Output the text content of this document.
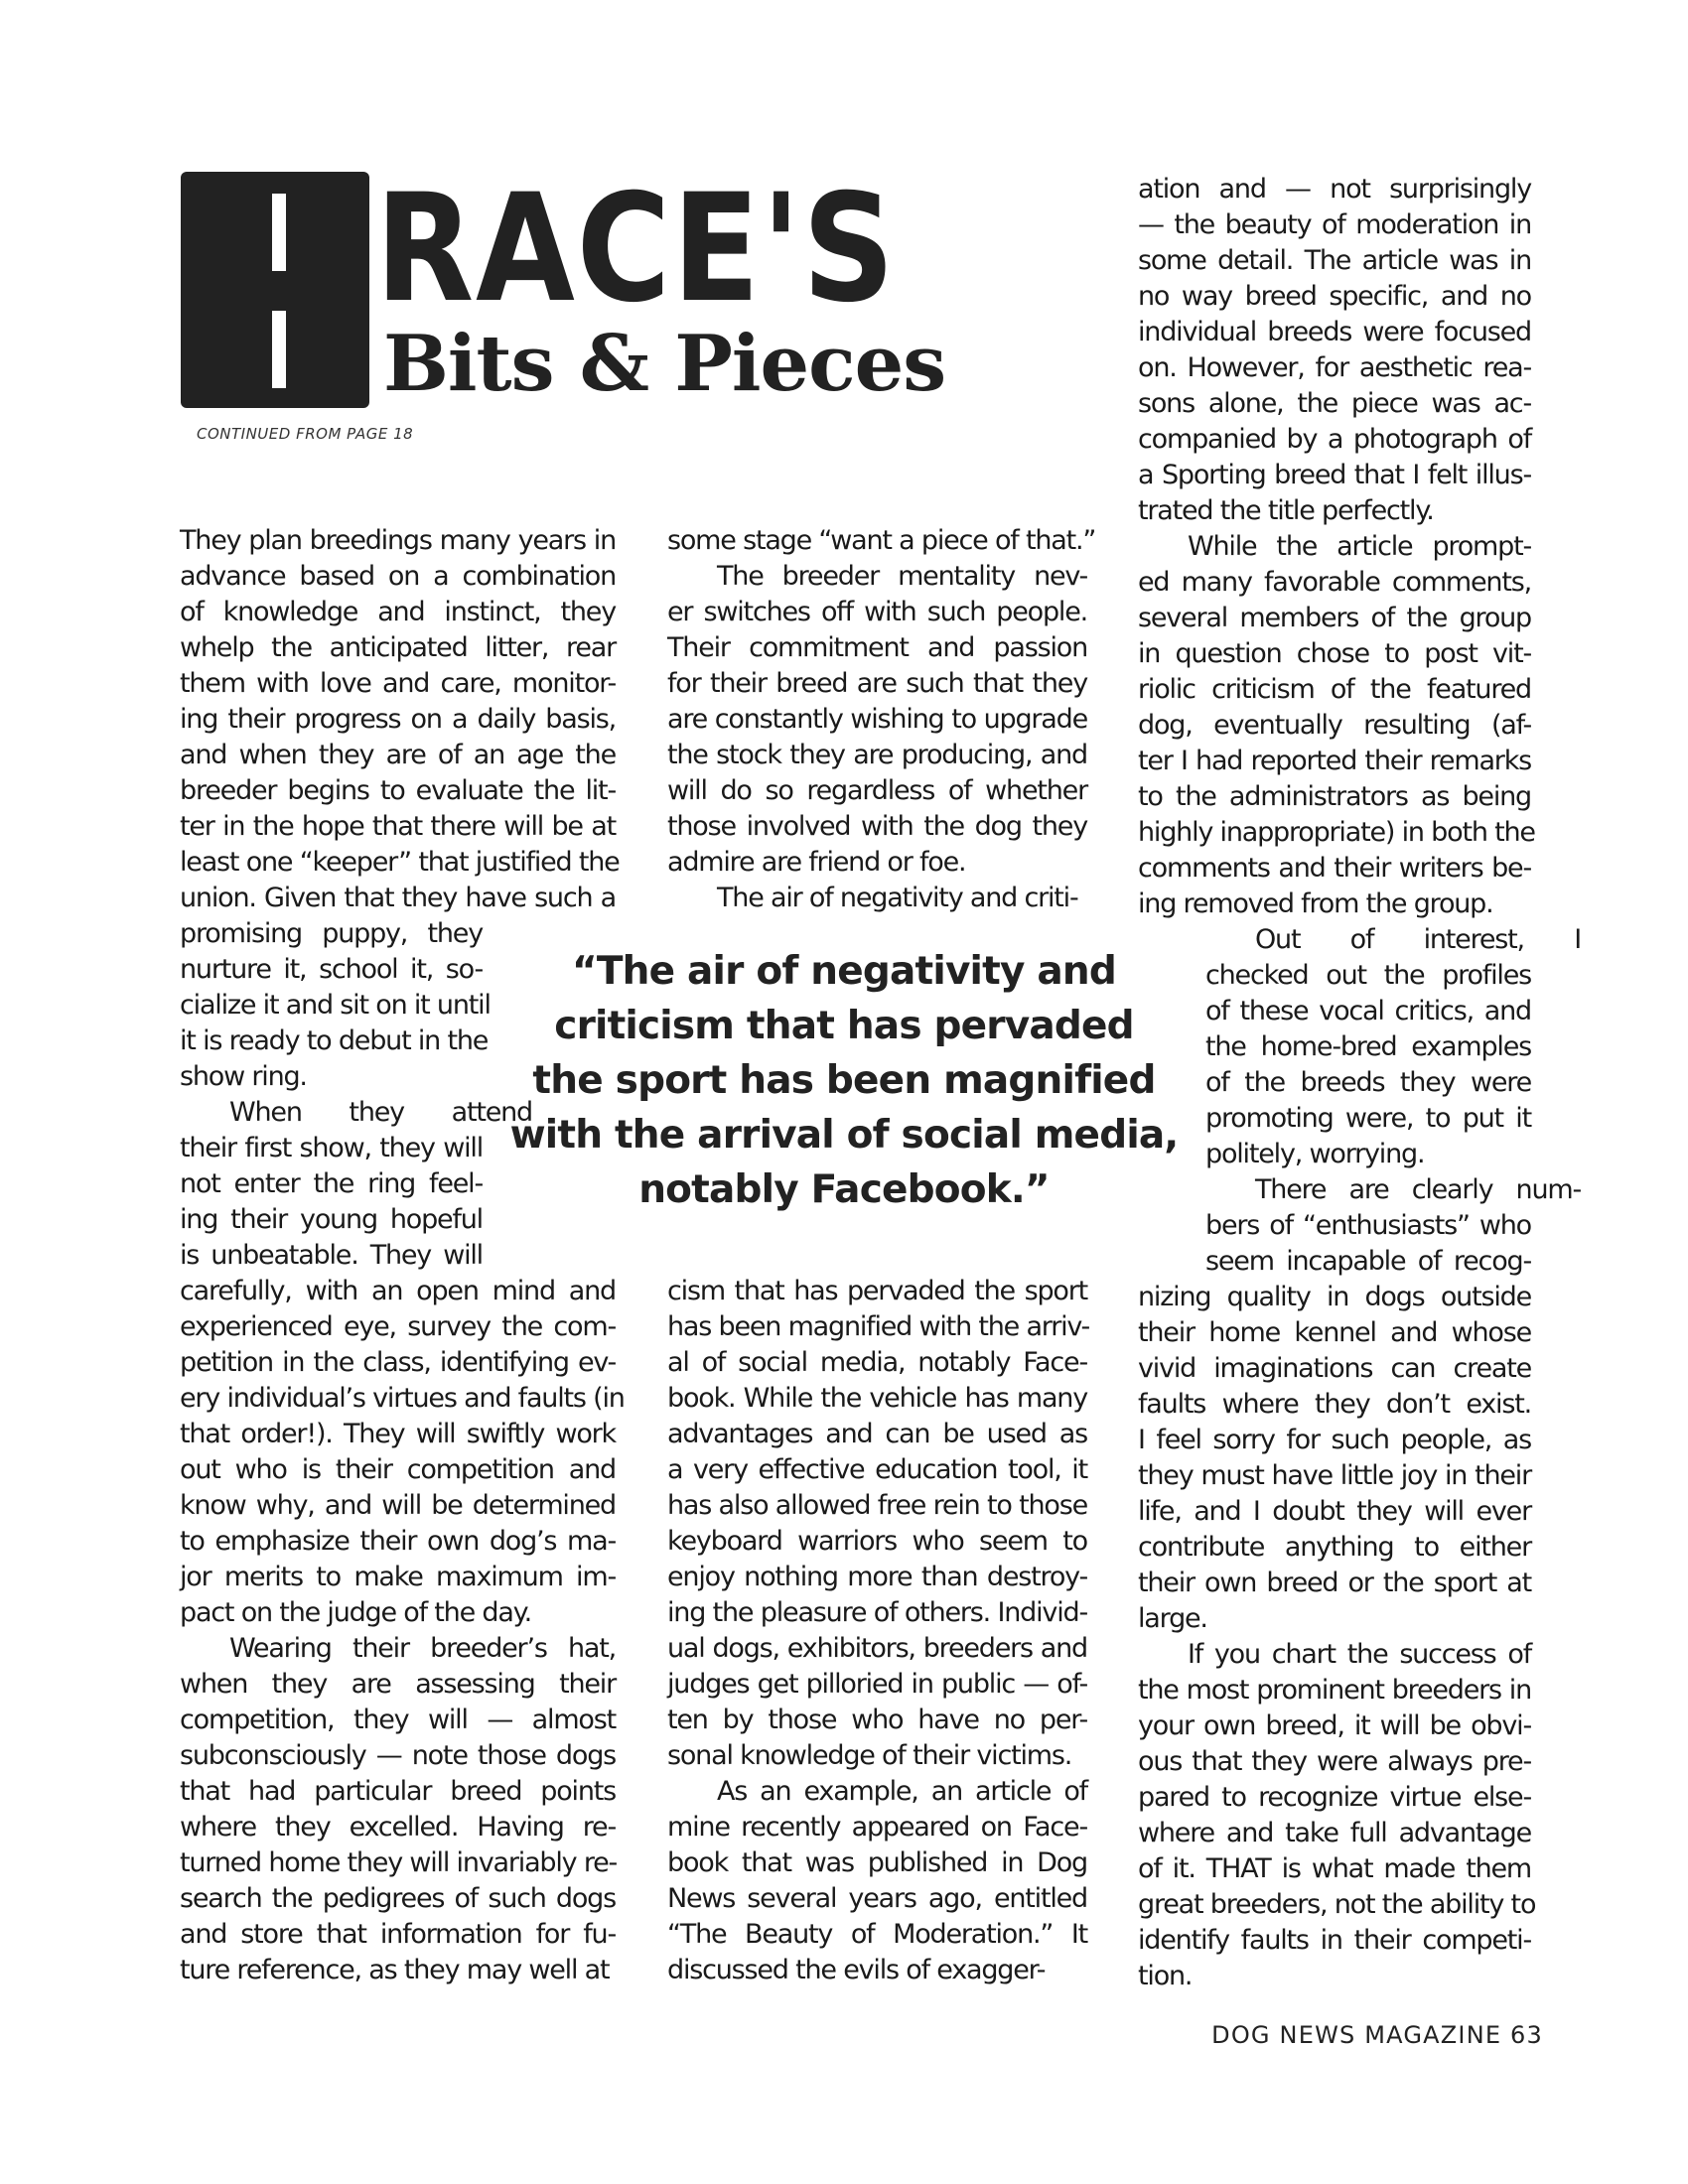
RACE'S
Bits & Pieces
CONTINUED FROM PAGE 18
They plan breedings many years in
advance based on a combination
of knowledge and instinct, they
whelp the anticipated litter, rear
them with love and care, monitor-
ing their progress on a daily basis,
and when they are of an age the
breeder begins to evaluate the lit-
ter in the hope that there will be at
least one “keeper” that justified the
union. Given that they have such a
promising puppy, they
nurture it, school it, so-
cialize it and sit on it until
it is ready to debut in the
show ring.
When they attend
their first show, they will
not enter the ring feel-
ing their young hopeful
is unbeatable. They will
carefully, with an open mind and
experienced eye, survey the com-
petition in the class, identifying ev-
ery individual’s virtues and faults (in
that order!). They will swiftly work
out who is their competition and
know why, and will be determined
to emphasize their own dog’s ma-
jor merits to make maximum im-
pact on the judge of the day.
Wearing their breeder’s hat,
when they are assessing their
competition, they will — almost
subconsciously — note those dogs
that had particular breed points
where they excelled. Having re-
turned home they will invariably re-
search the pedigrees of such dogs
and store that information for fu-
ture reference, as they may well at
some stage “want a piece of that.”
The breeder mentality nev-
er switches off with such people.
Their commitment and passion
for their breed are such that they
are constantly wishing to upgrade
the stock they are producing, and
will do so regardless of whether
those involved with the dog they
admire are friend or foe.
The air of negativity and criti-
“The air of negativity and
criticism that has pervaded
the sport has been magnified
with the arrival of social media,
notably Facebook.”
cism that has pervaded the sport
has been magnified with the arriv-
al of social media, notably Face-
book. While the vehicle has many
advantages and can be used as
a very effective education tool, it
has also allowed free rein to those
keyboard warriors who seem to
enjoy nothing more than destroy-
ing the pleasure of others. Individ-
ual dogs, exhibitors, breeders and
judges get pilloried in public — of-
ten by those who have no per-
sonal knowledge of their victims.
As an example, an article of
mine recently appeared on Face-
book that was published in Dog
News several years ago, entitled
“The Beauty of Moderation.” It
discussed the evils of exagger-
ation and — not surprisingly
— the beauty of moderation in
some detail. The article was in
no way breed specific, and no
individual breeds were focused
on. However, for aesthetic rea-
sons alone, the piece was ac-
companied by a photograph of
a Sporting breed that I felt illus-
trated the title perfectly.
While the article prompt-
ed many favorable comments,
several members of the group
in question chose to post vit-
riolic criticism of the featured
dog, eventually resulting (af-
ter I had reported their remarks
to the administrators as being
highly inappropriate) in both the
comments and their writers be-
ing removed from the group.
Out of interest, I
checked out the profiles
of these vocal critics, and
the home-bred examples
of the breeds they were
promoting were, to put it
politely, worrying.
There are clearly num-
bers of “enthusiasts” who
seem incapable of recog-
nizing quality in dogs outside
their home kennel and whose
vivid imaginations can create
faults where they don’t exist.
I feel sorry for such people, as
they must have little joy in their
life, and I doubt they will ever
contribute anything to either
their own breed or the sport at
large.
If you chart the success of
the most prominent breeders in
your own breed, it will be obvi-
ous that they were always pre-
pared to recognize virtue else-
where and take full advantage
of it. THAT is what made them
great breeders, not the ability to
identify faults in their competi-
tion.
DOG NEWS MAGAZINE 63
